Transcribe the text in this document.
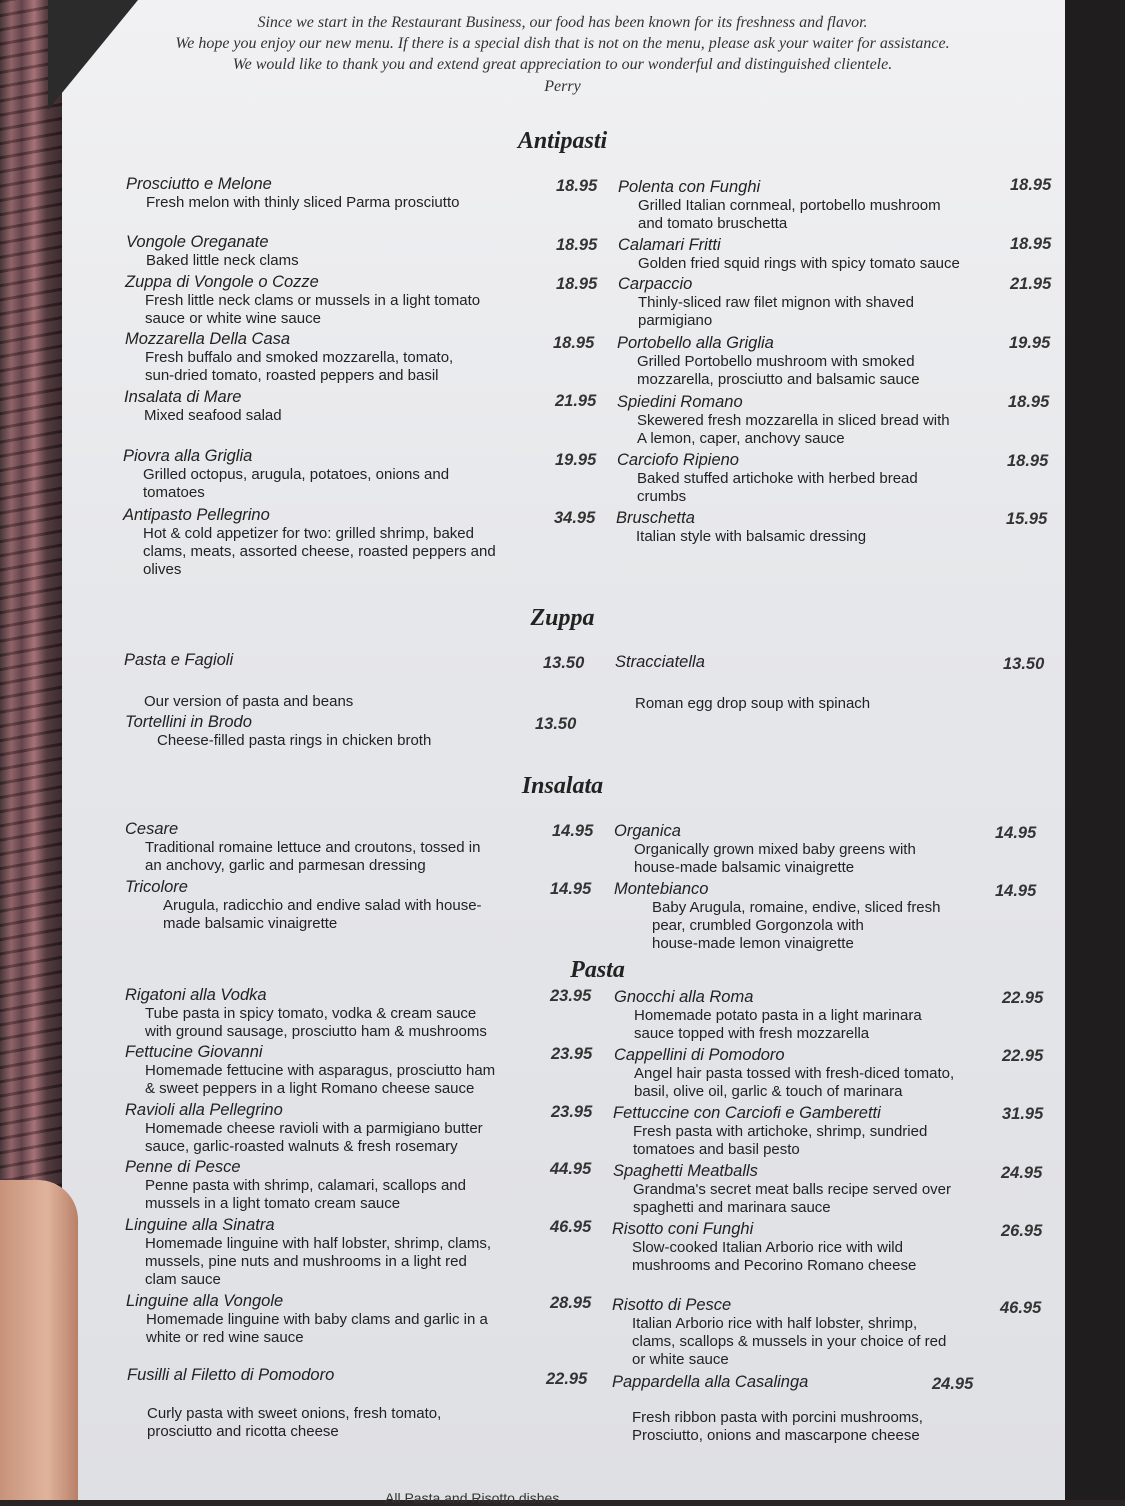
Since we start in the Restaurant Business, our food has been known for its freshness and flavor.
We hope you enjoy our new menu. If there is a special dish that is not on the menu, please ask your waiter for assistance.
We would like to thank you and extend great appreciation to our wonderful and distinguished clientele.
Perry
Antipasti
Zuppa
Insalata
Pasta
Prosciutto e Melone
Fresh melon with thinly sliced Parma prosciutto
18.95
Vongole Oreganate
Baked little neck clams
18.95
Zuppa di Vongole o Cozze
Fresh little neck clams or mussels in a light tomato
sauce or white wine sauce
18.95
Mozzarella Della Casa
Fresh buffalo and smoked mozzarella, tomato,
sun-dried tomato, roasted peppers and basil
18.95
Insalata di Mare
Mixed seafood salad
21.95
Piovra alla Griglia
Grilled octopus, arugula, potatoes, onions and
tomatoes
19.95
Antipasto Pellegrino
Hot & cold appetizer for two: grilled shrimp, baked
clams, meats, assorted cheese, roasted peppers and
olives
34.95
Polenta con Funghi
Grilled Italian cornmeal, portobello mushroom
and tomato bruschetta
18.95
Calamari Fritti
Golden fried squid rings with spicy tomato sauce
18.95
Carpaccio
Thinly-sliced raw filet mignon with shaved
parmigiano
21.95
Portobello alla Griglia
Grilled Portobello mushroom with smoked
mozzarella, prosciutto and balsamic sauce
19.95
Spiedini Romano
Skewered fresh mozzarella in sliced bread with
A lemon, caper, anchovy sauce
18.95
Carciofo Ripieno
Baked stuffed artichoke with herbed bread
crumbs
18.95
Bruschetta
Italian style with balsamic dressing
15.95
Pasta e Fagioli
Our version of pasta and beans
13.50
Tortellini in Brodo
Cheese-filled pasta rings in chicken broth
13.50
Stracciatella
Roman egg drop soup with spinach
13.50
Cesare
Traditional romaine lettuce and croutons, tossed in
an anchovy, garlic and parmesan dressing
14.95
Tricolore
Arugula, radicchio and endive salad with house-
made balsamic vinaigrette
14.95
Organica
Organically grown mixed baby greens with
house-made balsamic vinaigrette
14.95
Montebianco
Baby Arugula, romaine, endive, sliced fresh
pear, crumbled Gorgonzola with
house-made lemon vinaigrette
14.95
Rigatoni alla Vodka
Tube pasta in spicy tomato, vodka & cream sauce
with ground sausage, prosciutto ham & mushrooms
23.95
Fettucine Giovanni
Homemade fettucine with asparagus, prosciutto ham
& sweet peppers in a light Romano cheese sauce
23.95
Ravioli alla Pellegrino
Homemade cheese ravioli with a parmigiano butter
sauce, garlic-roasted walnuts & fresh rosemary
23.95
Penne di Pesce
Penne pasta with shrimp, calamari, scallops and
mussels in a light tomato cream sauce
44.95
Linguine alla Sinatra
Homemade linguine with half lobster, shrimp, clams,
mussels, pine nuts and mushrooms in a light red
clam sauce
46.95
Linguine alla Vongole
Homemade linguine with baby clams and garlic in a
white or red wine sauce
28.95
Fusilli al Filetto di Pomodoro
Curly pasta with sweet onions, fresh tomato,
prosciutto and ricotta cheese
22.95
Gnocchi alla Roma
Homemade potato pasta in a light marinara
sauce topped with fresh mozzarella
22.95
Cappellini di Pomodoro
Angel hair pasta tossed with fresh-diced tomato,
basil, olive oil, garlic & touch of marinara
22.95
Fettuccine con Carciofi e Gamberetti
Fresh pasta with artichoke, shrimp, sundried
tomatoes and basil pesto
31.95
Spaghetti Meatballs
Grandma's secret meat balls recipe served over
spaghetti and marinara sauce
24.95
Risotto coni Funghi
Slow-cooked Italian Arborio rice with wild
mushrooms and Pecorino Romano cheese
26.95
Risotto di Pesce
Italian Arborio rice with half lobster, shrimp,
clams, scallops & mussels in your choice of red
or white sauce
46.95
Pappardella alla Casalinga
Fresh ribbon pasta with porcini mushrooms,
Prosciutto, onions and mascarpone cheese
24.95
All Pasta and Risotto dishes
